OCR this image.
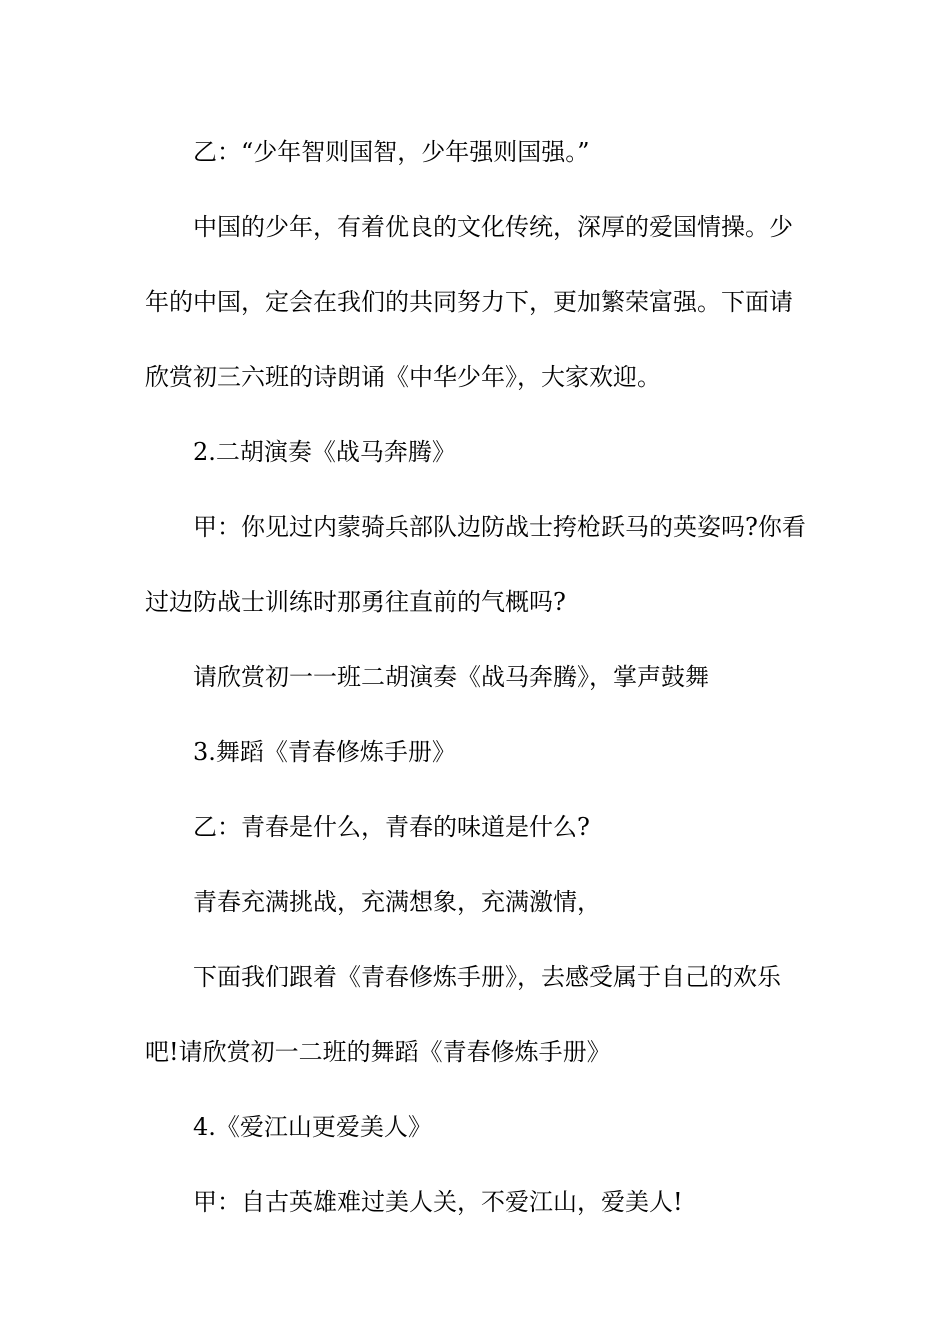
乙：“少年智则国智，少年强则国强。”
中国的少年，有着优良的文化传统，深厚的爱国情操。少
年的中国，定会在我们的共同努力下，更加繁荣富强。下面请
欣赏初三六班的诗朗诵《中华少年》，大家欢迎。
2.二胡演奏《战马奔腾》
甲：你见过内蒙骑兵部队边防战士挎枪跃马的英姿吗?你看
过边防战士训练时那勇往直前的气概吗?
请欣赏初一一班二胡演奏《战马奔腾》，掌声鼓舞
3.舞蹈《青春修炼手册》
乙：青春是什么，青春的味道是什么?
青春充满挑战，充满想象，充满激情，
下面我们跟着《青春修炼手册》，去感受属于自己的欢乐
吧!请欣赏初一二班的舞蹈《青春修炼手册》
4.《爱江山更爱美人》
甲：自古英雄难过美人关，不爱江山，爱美人!
